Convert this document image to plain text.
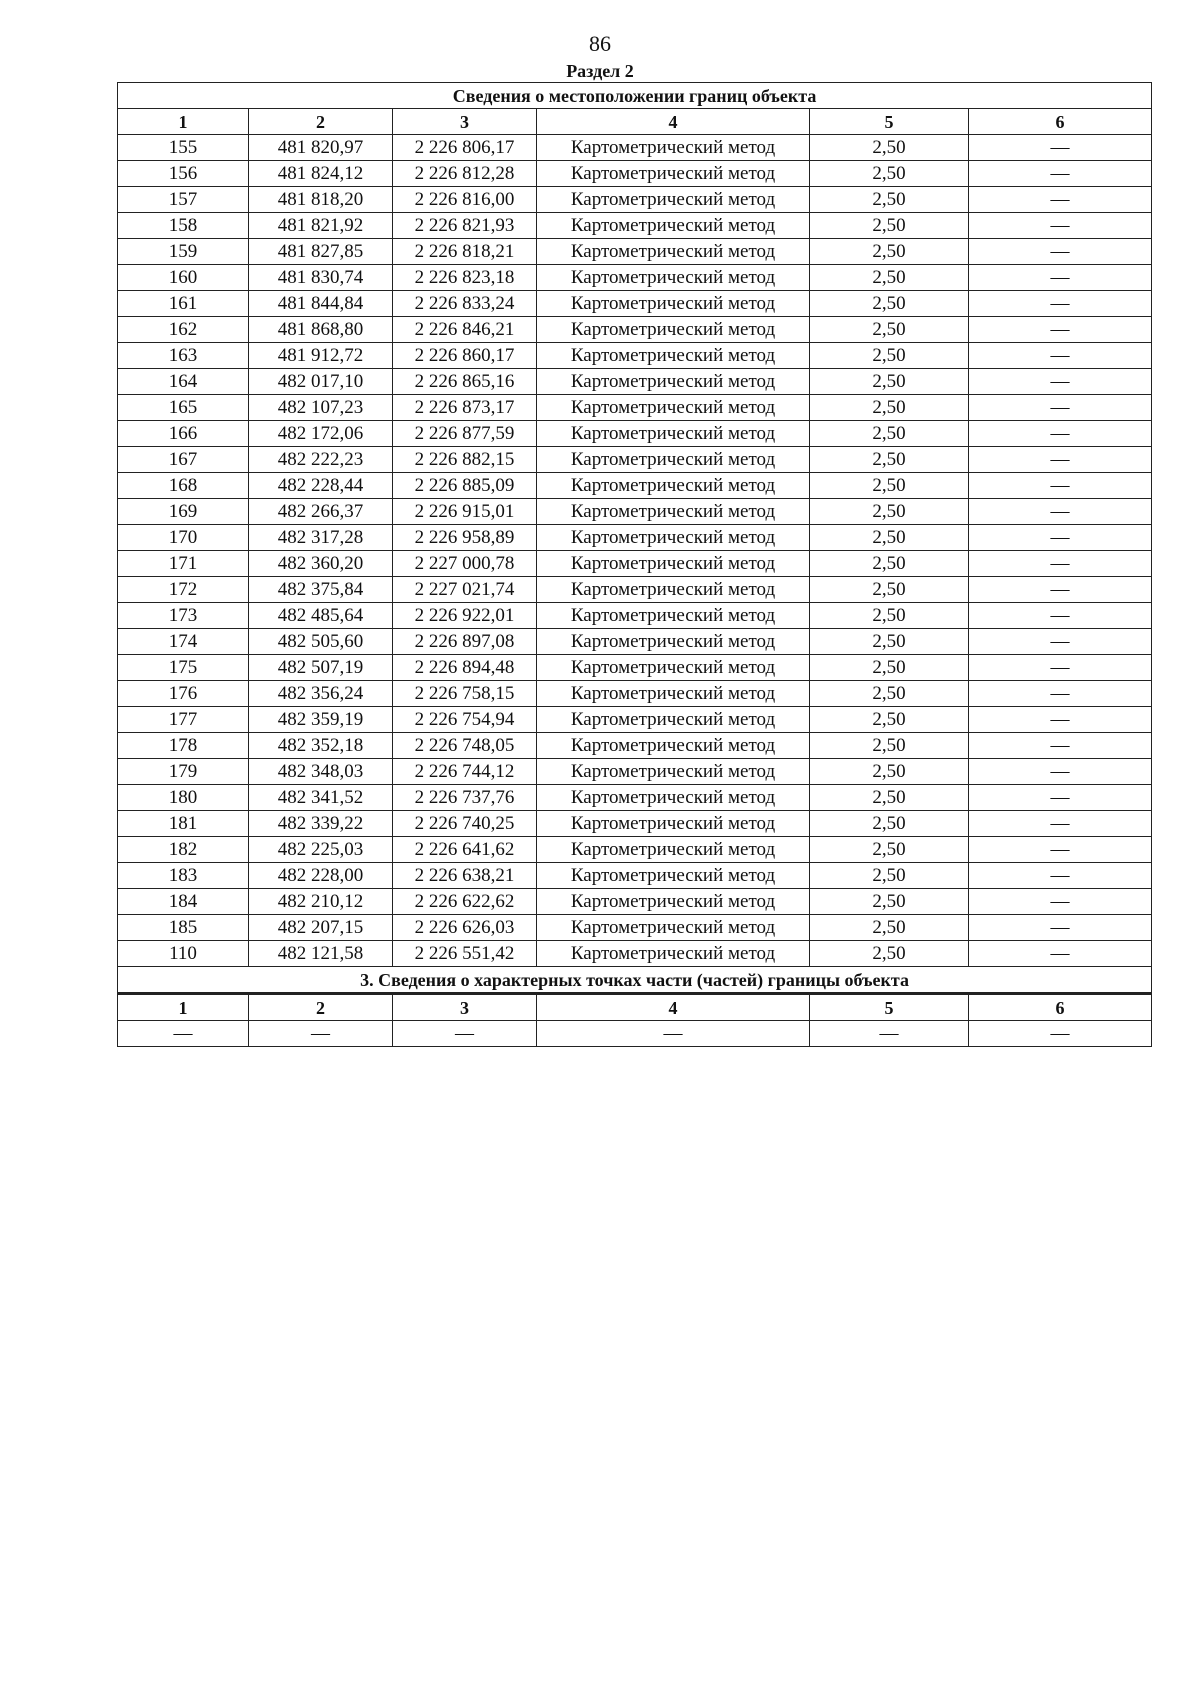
86
Раздел 2
Сведения о местоположении границ объекта					
1	2	3	4	5	6
155	481 820,97	2 226 806,17	Картометрический метод	2,50	—
156	481 824,12	2 226 812,28	Картометрический метод	2,50	—
157	481 818,20	2 226 816,00	Картометрический метод	2,50	—
158	481 821,92	2 226 821,93	Картометрический метод	2,50	—
159	481 827,85	2 226 818,21	Картометрический метод	2,50	—
160	481 830,74	2 226 823,18	Картометрический метод	2,50	—
161	481 844,84	2 226 833,24	Картометрический метод	2,50	—
162	481 868,80	2 226 846,21	Картометрический метод	2,50	—
163	481 912,72	2 226 860,17	Картометрический метод	2,50	—
164	482 017,10	2 226 865,16	Картометрический метод	2,50	—
165	482 107,23	2 226 873,17	Картометрический метод	2,50	—
166	482 172,06	2 226 877,59	Картометрический метод	2,50	—
167	482 222,23	2 226 882,15	Картометрический метод	2,50	—
168	482 228,44	2 226 885,09	Картометрический метод	2,50	—
169	482 266,37	2 226 915,01	Картометрический метод	2,50	—
170	482 317,28	2 226 958,89	Картометрический метод	2,50	—
171	482 360,20	2 227 000,78	Картометрический метод	2,50	—
172	482 375,84	2 227 021,74	Картометрический метод	2,50	—
173	482 485,64	2 226 922,01	Картометрический метод	2,50	—
174	482 505,60	2 226 897,08	Картометрический метод	2,50	—
175	482 507,19	2 226 894,48	Картометрический метод	2,50	—
176	482 356,24	2 226 758,15	Картометрический метод	2,50	—
177	482 359,19	2 226 754,94	Картометрический метод	2,50	—
178	482 352,18	2 226 748,05	Картометрический метод	2,50	—
179	482 348,03	2 226 744,12	Картометрический метод	2,50	—
180	482 341,52	2 226 737,76	Картометрический метод	2,50	—
181	482 339,22	2 226 740,25	Картометрический метод	2,50	—
182	482 225,03	2 226 641,62	Картометрический метод	2,50	—
183	482 228,00	2 226 638,21	Картометрический метод	2,50	—
184	482 210,12	2 226 622,62	Картометрический метод	2,50	—
185	482 207,15	2 226 626,03	Картометрический метод	2,50	—
110	482 121,58	2 226 551,42	Картометрический метод	2,50	—
3. Сведения о характерных точках части (частей) границы объекта					
1	2	3	4	5	6
—	—	—	—	—	—
